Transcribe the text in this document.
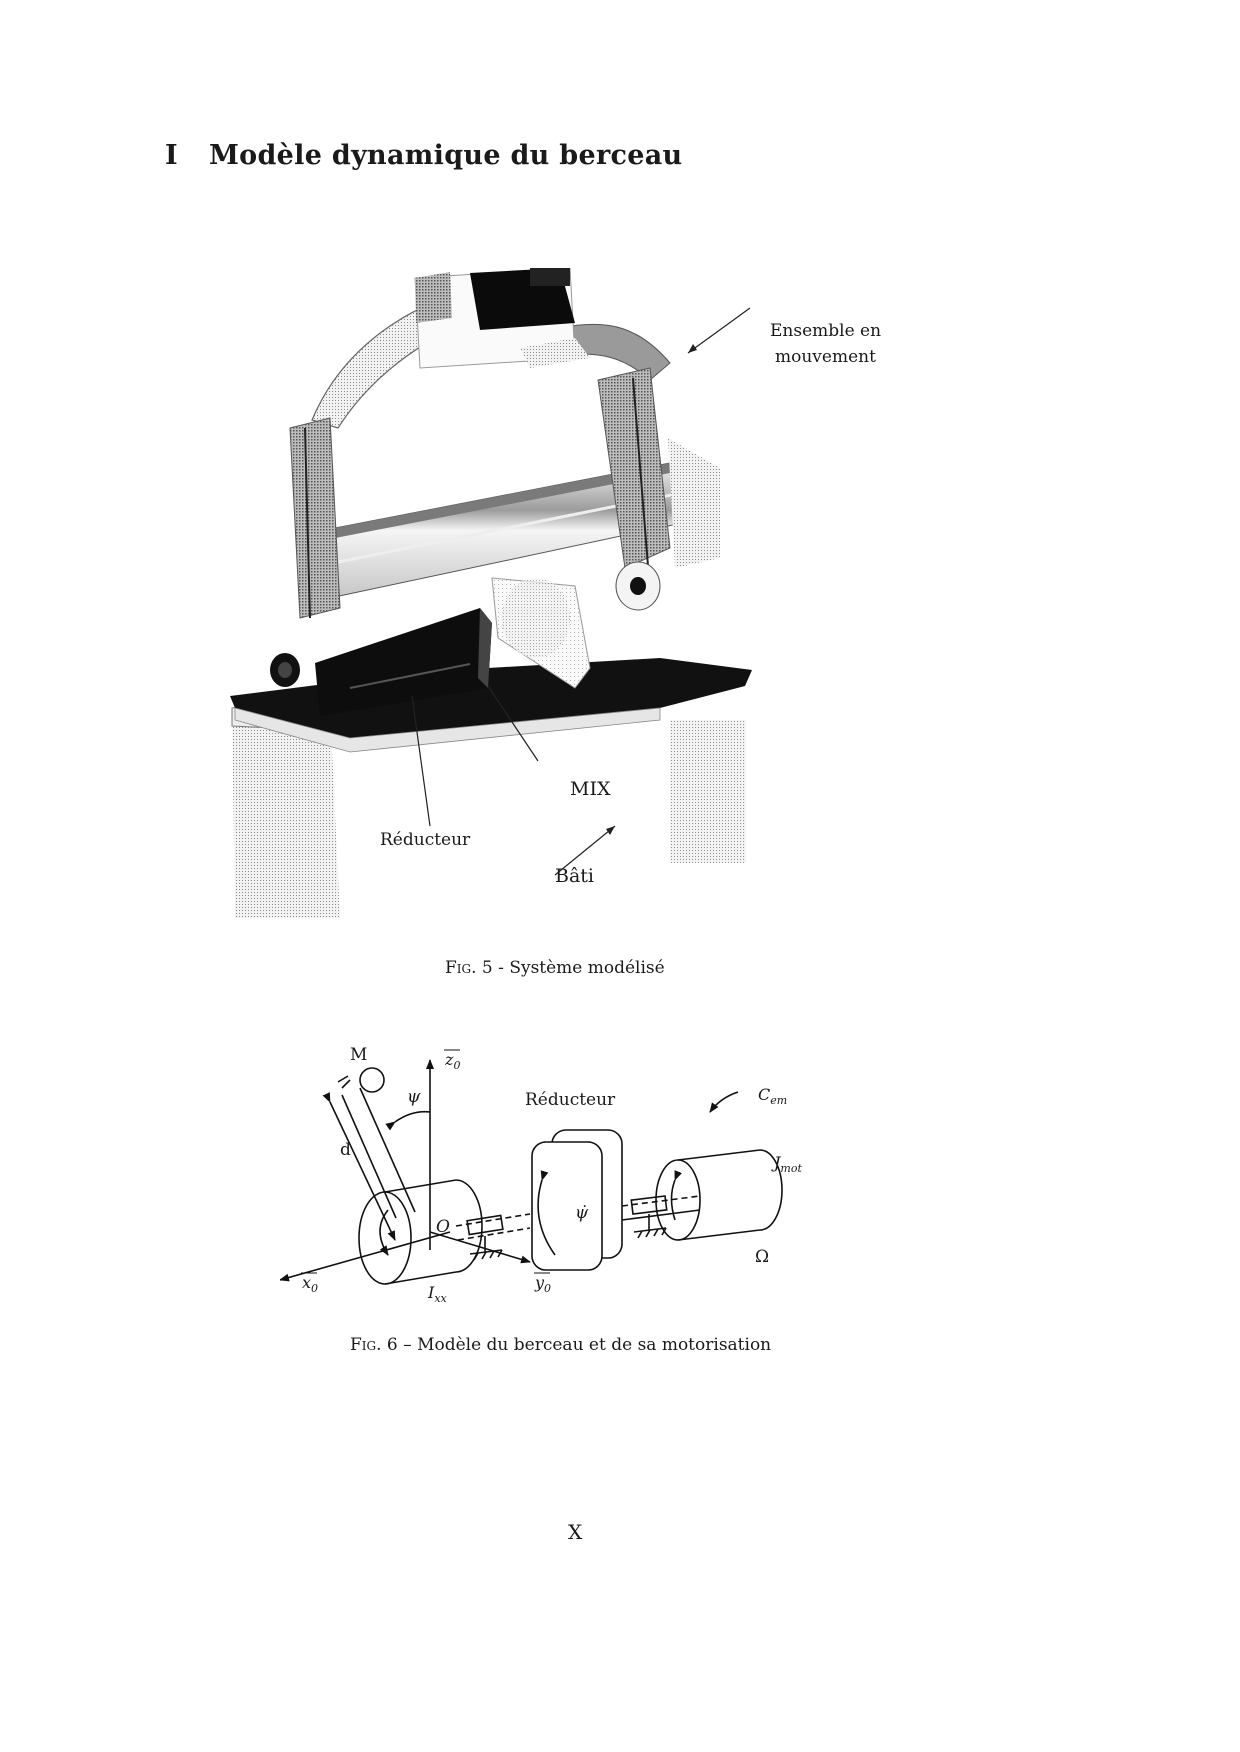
I Modèle dynamique du berceau
Ensemble en
mouvement
MIX
Réducteur
Bâti

Fig. 5 - Système modélisé

M	$z_0$
ψ	Réducteur	$C_{em}$
d
$J_{mot}$
O
ψ̇
Ω
$x_0$	$I_{xx}$
$y_0$

Fig. 6 – Modèle du berceau et de sa motorisation

X
